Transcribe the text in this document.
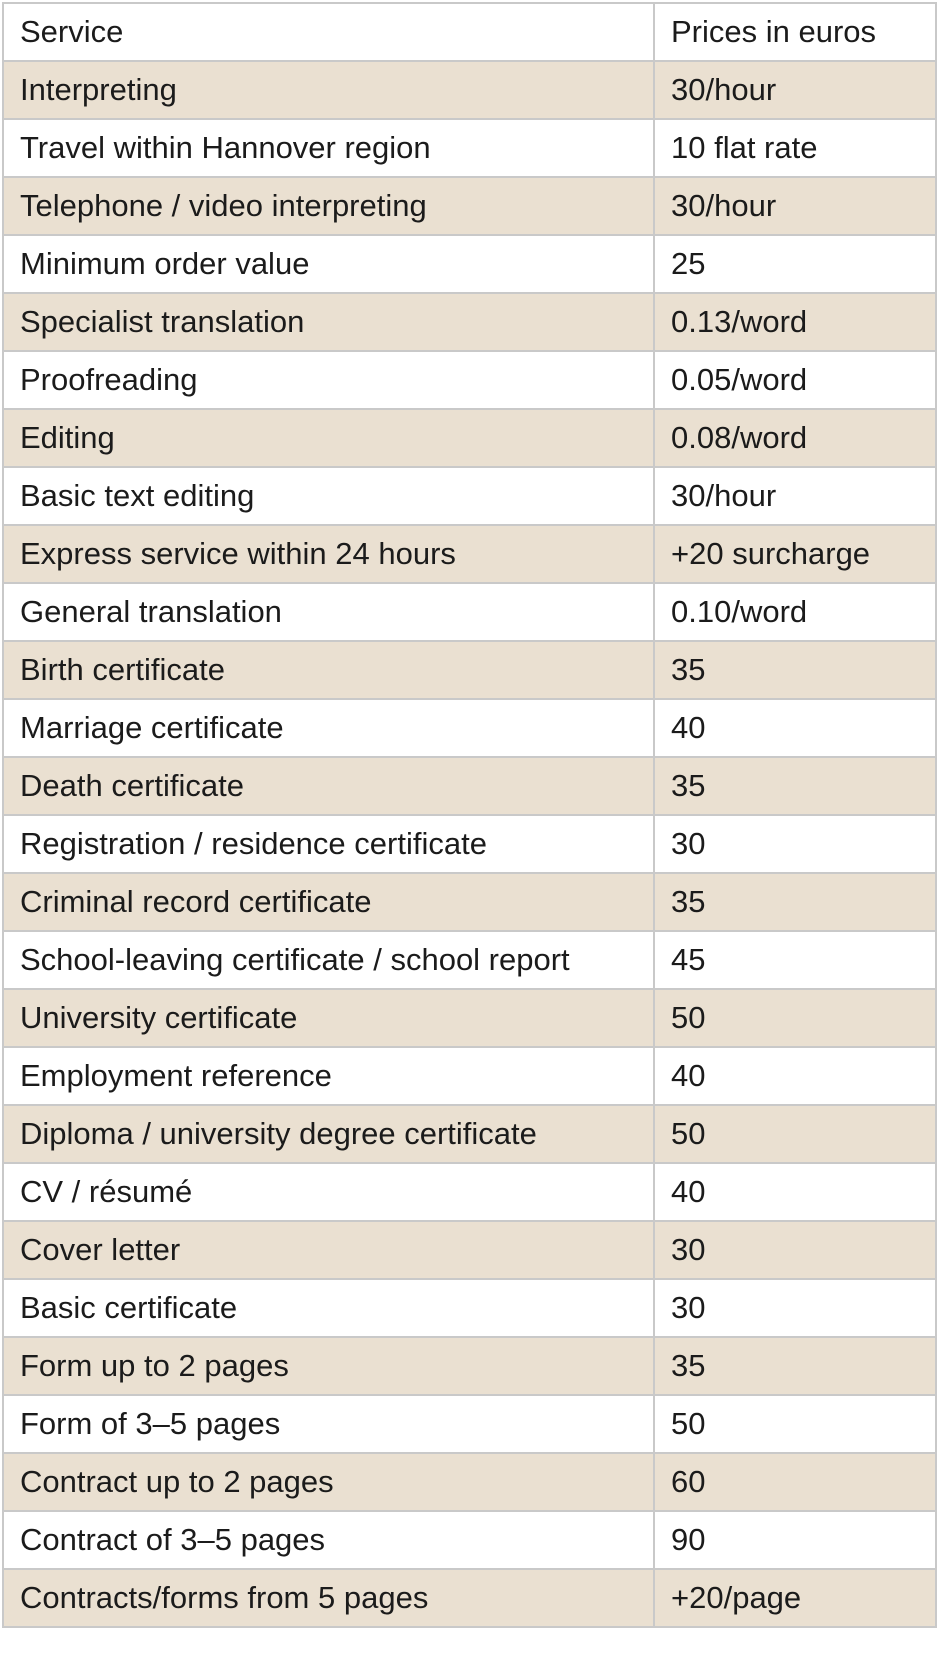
Service	Prices in euros
Interpreting	30/hour
Travel within Hannover region	10 flat rate
Telephone / video interpreting	30/hour
Minimum order value	25
Specialist translation	0.13/word
Proofreading	0.05/word
Editing	0.08/word
Basic text editing	30/hour
Express service within 24 hours	+20 surcharge
General translation	0.10/word
Birth certificate	35
Marriage certificate	40
Death certificate	35
Registration / residence certificate	30
Criminal record certificate	35
School-leaving certificate / school report	45
University certificate	50
Employment reference	40
Diploma / university degree certificate	50
CV / résumé	40
Cover letter	30
Basic certificate	30
Form up to 2 pages	35
Form of 3–5 pages	50
Contract up to 2 pages	60
Contract of 3–5 pages	90
Contracts/forms from 5 pages	+20/page
